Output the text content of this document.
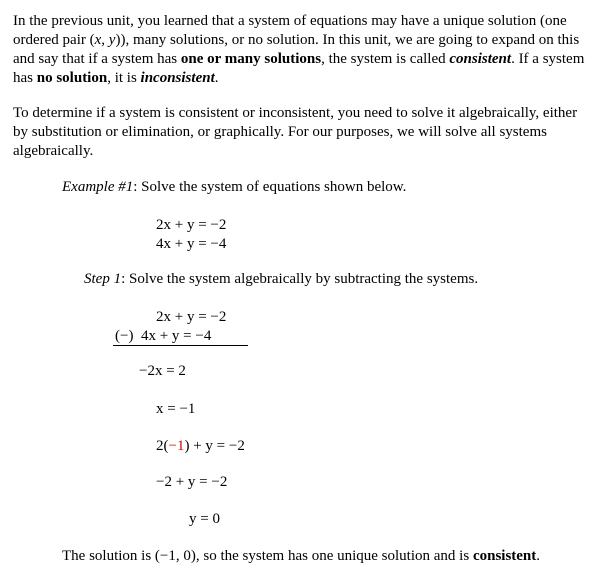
In the previous unit, you learned that a system of equations may have a unique solution (one ordered pair (x, y)), many solutions, or no solution. In this unit, we are going to expand on this and say that if a system has one or many solutions, the system is called consistent. If a system has no solution, it is inconsistent.
To determine if a system is consistent or inconsistent, you need to solve it algebraically, either by substitution or elimination, or graphically. For our purposes, we will solve all systems algebraically.
Example #1: Solve the system of equations shown below.
2x + y = −2
4x + y = −4
Step 1: Solve the system algebraically by subtracting the systems.
2x + y = −2
(−) 4x + y = −4
−2x = 2
x = −1
2(−1) + y = −2
−2 + y = −2
y = 0
The solution is (−1, 0), so the system has one unique solution and is consistent.
